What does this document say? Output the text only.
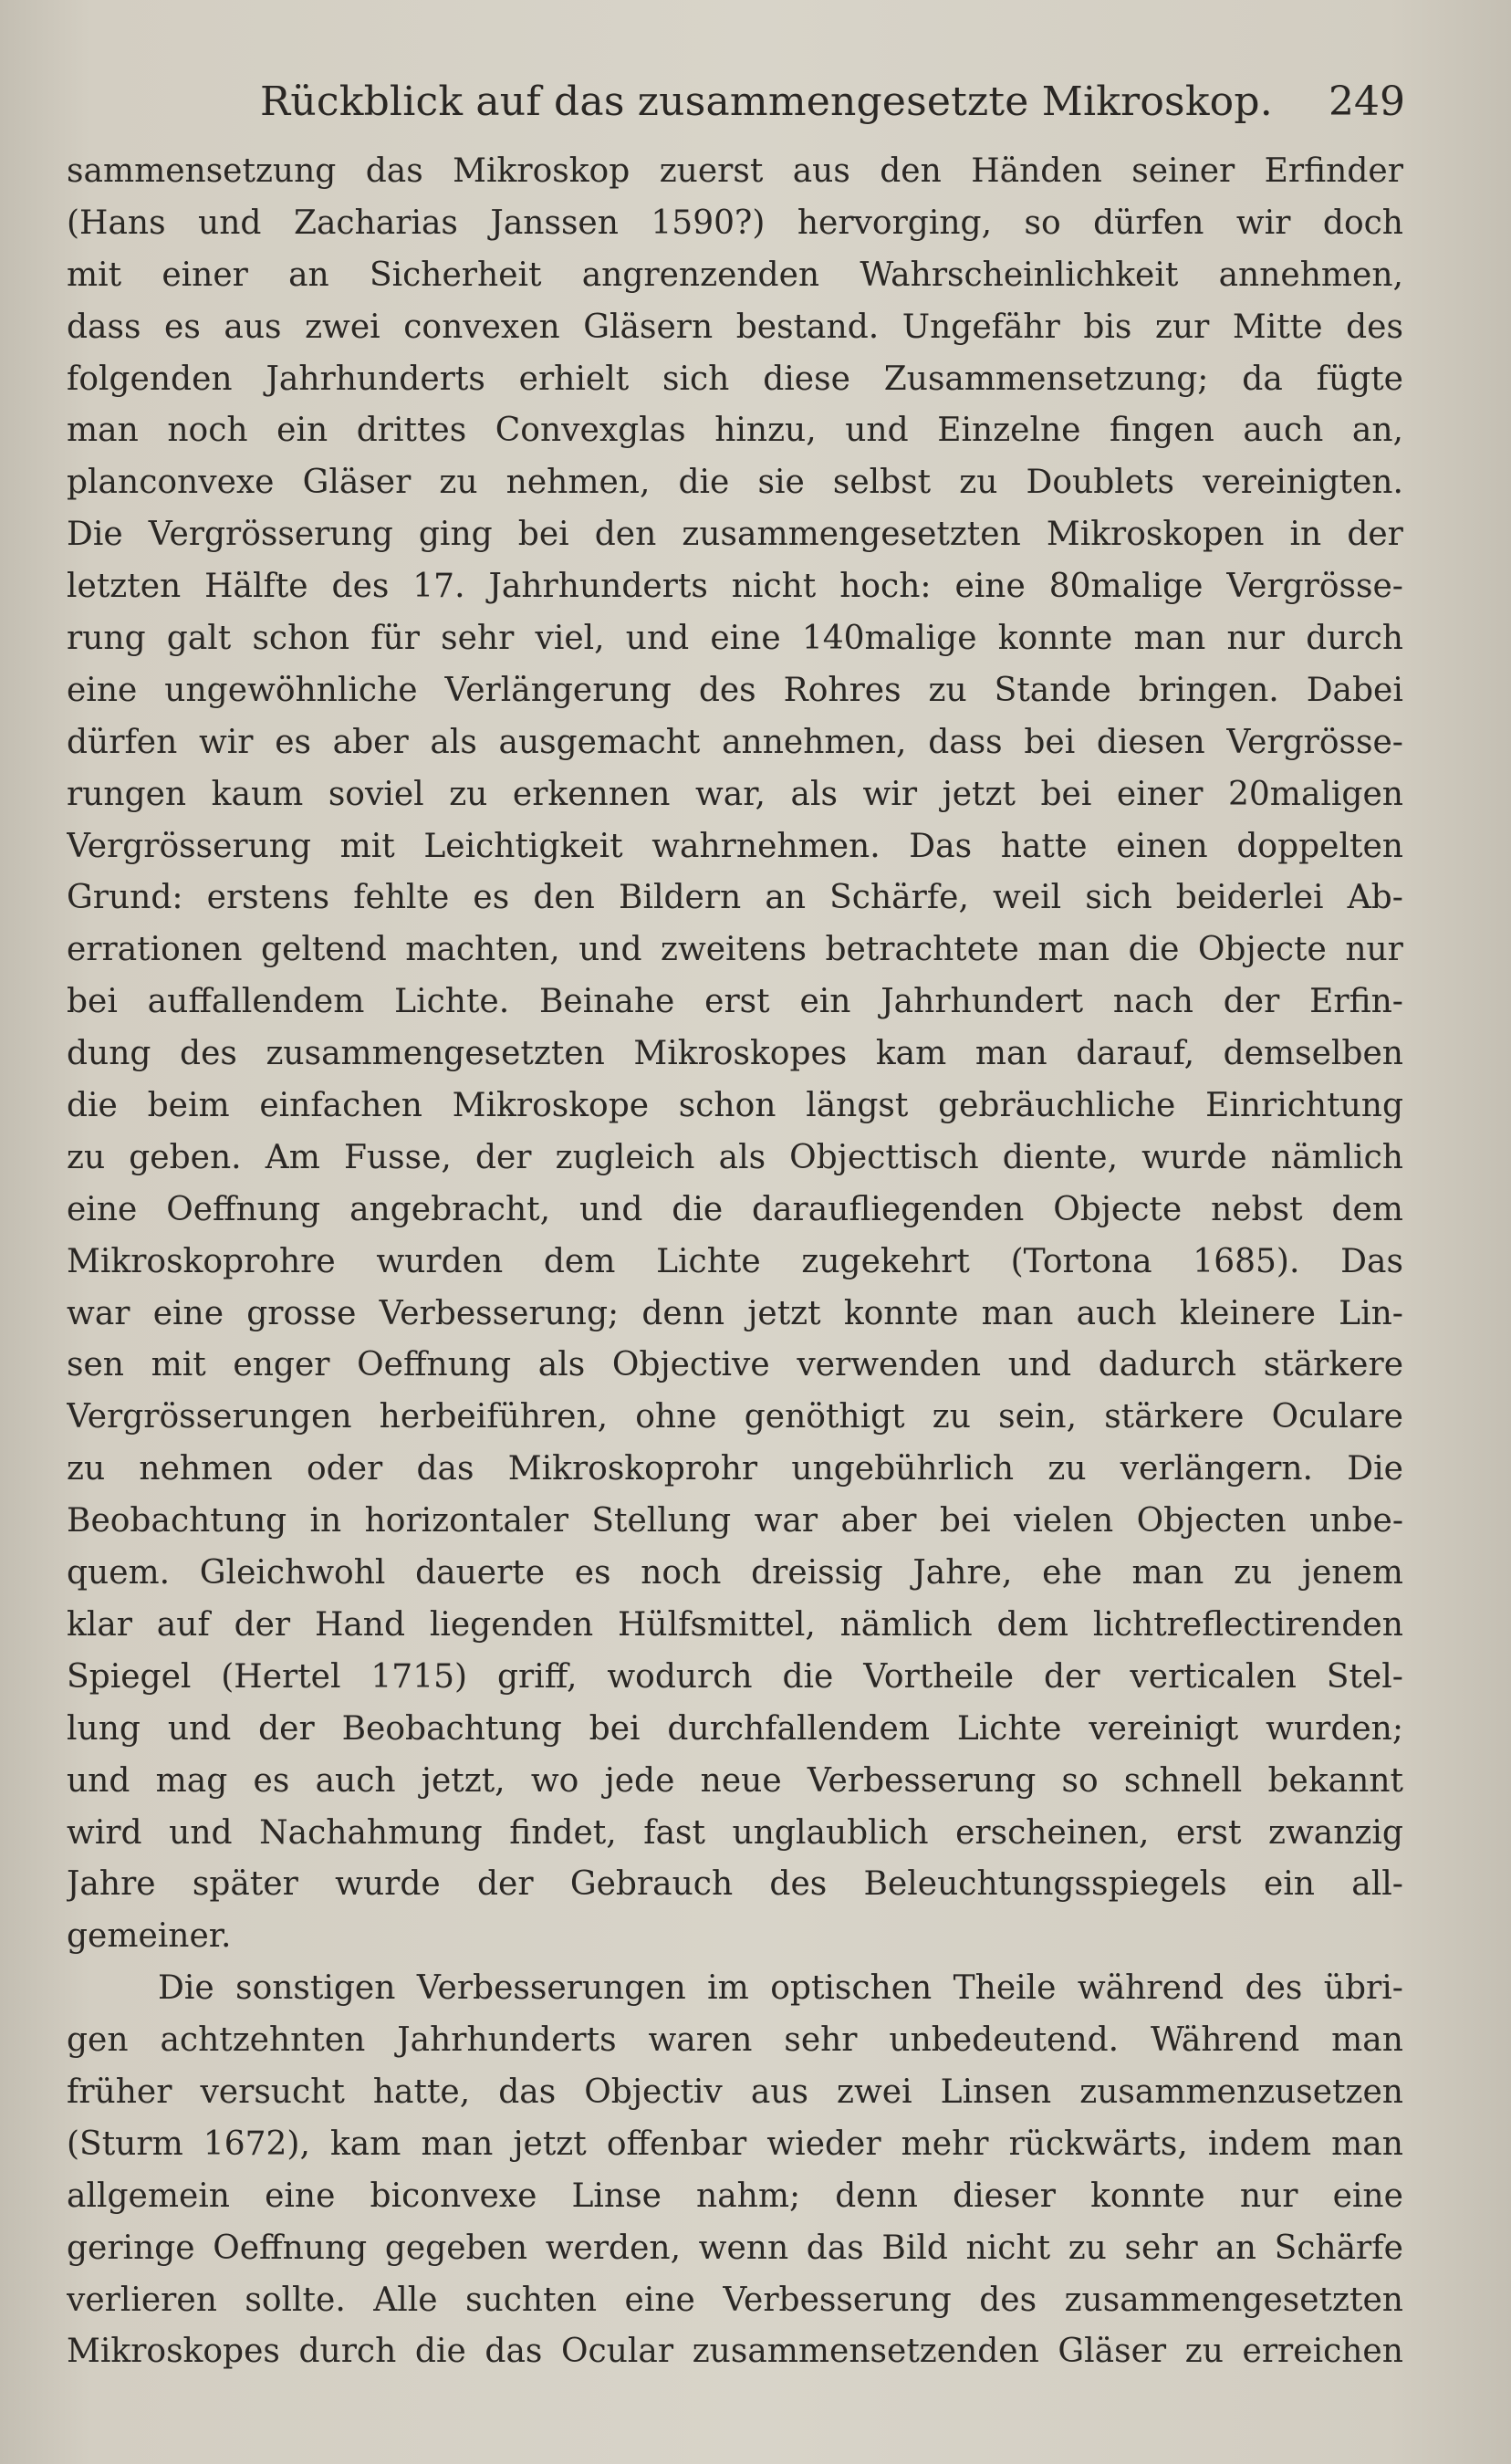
Rückblick auf das zusammengesetzte Mikroskop. 249
sammensetzung das Mikroskop zuerst aus den Händen seiner Erfinder
(Hans und Zacharias Janssen 1590?) hervorging, so dürfen wir doch
mit einer an Sicherheit angrenzenden Wahrscheinlichkeit annehmen,
dass es aus zwei convexen Gläsern bestand. Ungefähr bis zur Mitte des
folgenden Jahrhunderts erhielt sich diese Zusammensetzung; da fügte
man noch ein drittes Convexglas hinzu, und Einzelne fingen auch an,
planconvexe Gläser zu nehmen, die sie selbst zu Doublets vereinigten.
Die Vergrösserung ging bei den zusammengesetzten Mikroskopen in der
letzten Hälfte des 17. Jahrhunderts nicht hoch: eine 80malige Vergrösse-
rung galt schon für sehr viel, und eine 140malige konnte man nur durch
eine ungewöhnliche Verlängerung des Rohres zu Stande bringen. Dabei
dürfen wir es aber als ausgemacht annehmen, dass bei diesen Vergrösse-
rungen kaum soviel zu erkennen war, als wir jetzt bei einer 20maligen
Vergrösserung mit Leichtigkeit wahrnehmen. Das hatte einen doppelten
Grund: erstens fehlte es den Bildern an Schärfe, weil sich beiderlei Ab-
errationen geltend machten, und zweitens betrachtete man die Objecte nur
bei auffallendem Lichte. Beinahe erst ein Jahrhundert nach der Erfin-
dung des zusammengesetzten Mikroskopes kam man darauf, demselben
die beim einfachen Mikroskope schon längst gebräuchliche Einrichtung
zu geben. Am Fusse, der zugleich als Objecttisch diente, wurde nämlich
eine Oeffnung angebracht, und die daraufliegenden Objecte nebst dem
Mikroskoprohre wurden dem Lichte zugekehrt (Tortona 1685). Das
war eine grosse Verbesserung; denn jetzt konnte man auch kleinere Lin-
sen mit enger Oeffnung als Objective verwenden und dadurch stärkere
Vergrösserungen herbeiführen, ohne genöthigt zu sein, stärkere Oculare
zu nehmen oder das Mikroskoprohr ungebührlich zu verlängern. Die
Beobachtung in horizontaler Stellung war aber bei vielen Objecten unbe-
quem. Gleichwohl dauerte es noch dreissig Jahre, ehe man zu jenem
klar auf der Hand liegenden Hülfsmittel, nämlich dem lichtreflectirenden
Spiegel (Hertel 1715) griff, wodurch die Vortheile der verticalen Stel-
lung und der Beobachtung bei durchfallendem Lichte vereinigt wurden;
und mag es auch jetzt, wo jede neue Verbesserung so schnell bekannt
wird und Nachahmung findet, fast unglaublich erscheinen, erst zwanzig
Jahre später wurde der Gebrauch des Beleuchtungsspiegels ein all-
gemeiner.
Die sonstigen Verbesserungen im optischen Theile während des übri-
gen achtzehnten Jahrhunderts waren sehr unbedeutend. Während man
früher versucht hatte, das Objectiv aus zwei Linsen zusammenzusetzen
(Sturm 1672), kam man jetzt offenbar wieder mehr rückwärts, indem man
allgemein eine biconvexe Linse nahm; denn dieser konnte nur eine
geringe Oeffnung gegeben werden, wenn das Bild nicht zu sehr an Schärfe
verlieren sollte. Alle suchten eine Verbesserung des zusammengesetzten
Mikroskopes durch die das Ocular zusammensetzenden Gläser zu erreichen
